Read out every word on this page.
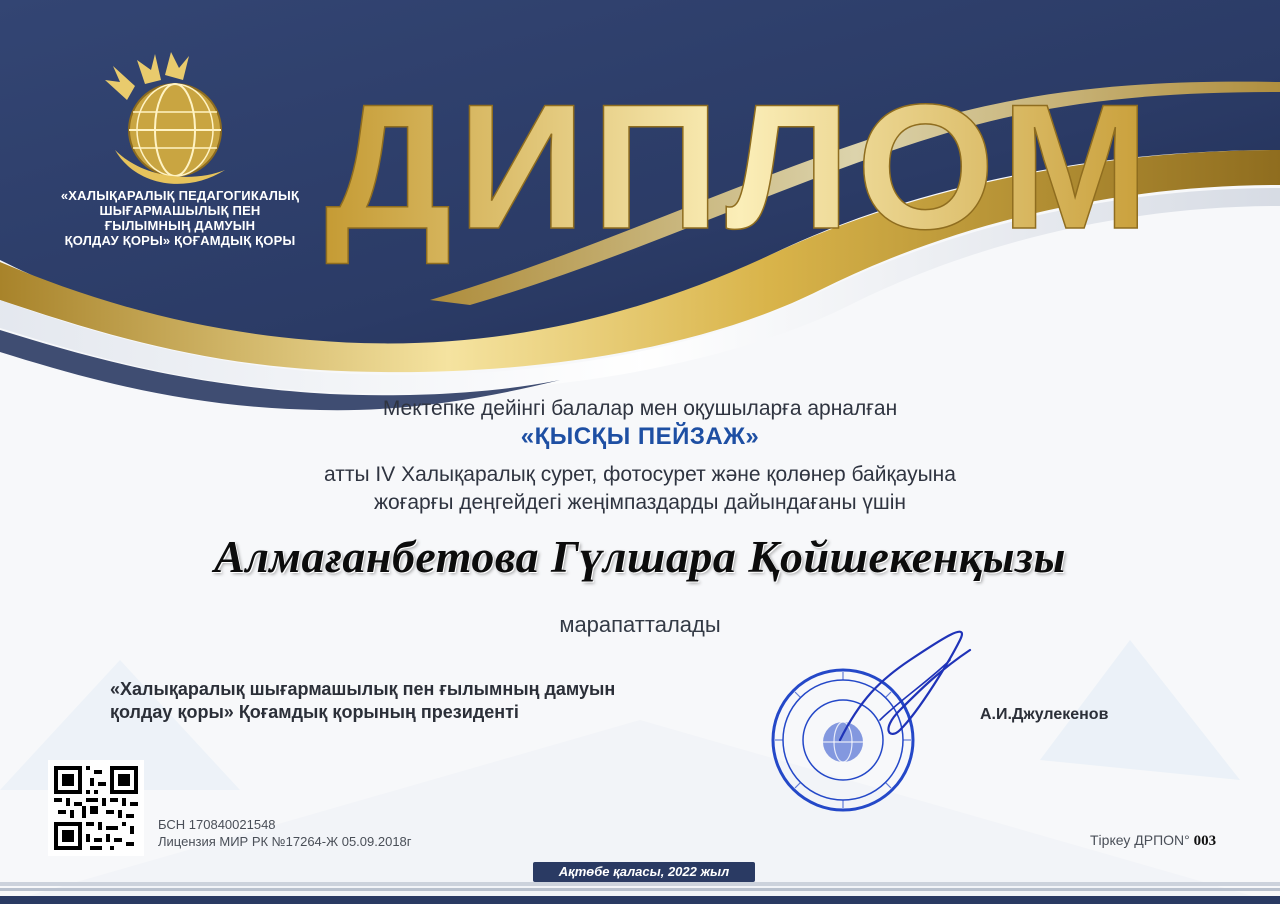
ДИПЛОМ
«ХАЛЫҚАРАЛЫҚ ПЕДАГОГИКАЛЫҚ
ШЫҒАРМАШЫЛЫҚ ПЕН
ҒЫЛЫМНЫҢ ДАМУЫН
ҚОЛДАУ ҚОРЫ» ҚОҒАМДЫҚ ҚОРЫ
Мектепке дейінгі балалар мен оқушыларға арналған
«ҚЫСҚЫ ПЕЙЗАЖ»
атты IV Халықаралық сурет, фотосурет және қолөнер байқауына
жоғарғы деңгейдегі жеңімпаздарды дайындағаны үшін
Алмағанбетова Гүлшара Қойшекенқызы
марапатталады
«Халықаралық шығармашылық пен ғылымның дамуын
қолдау қоры» Қоғамдық қорының президенті	А.И.Джулекенов
БСН 170840021548
Лицензия МИР РК №17264-Ж 05.09.2018г	Тіркеу ДРПОN° 003
Ақтөбе қаласы, 2022 жыл
